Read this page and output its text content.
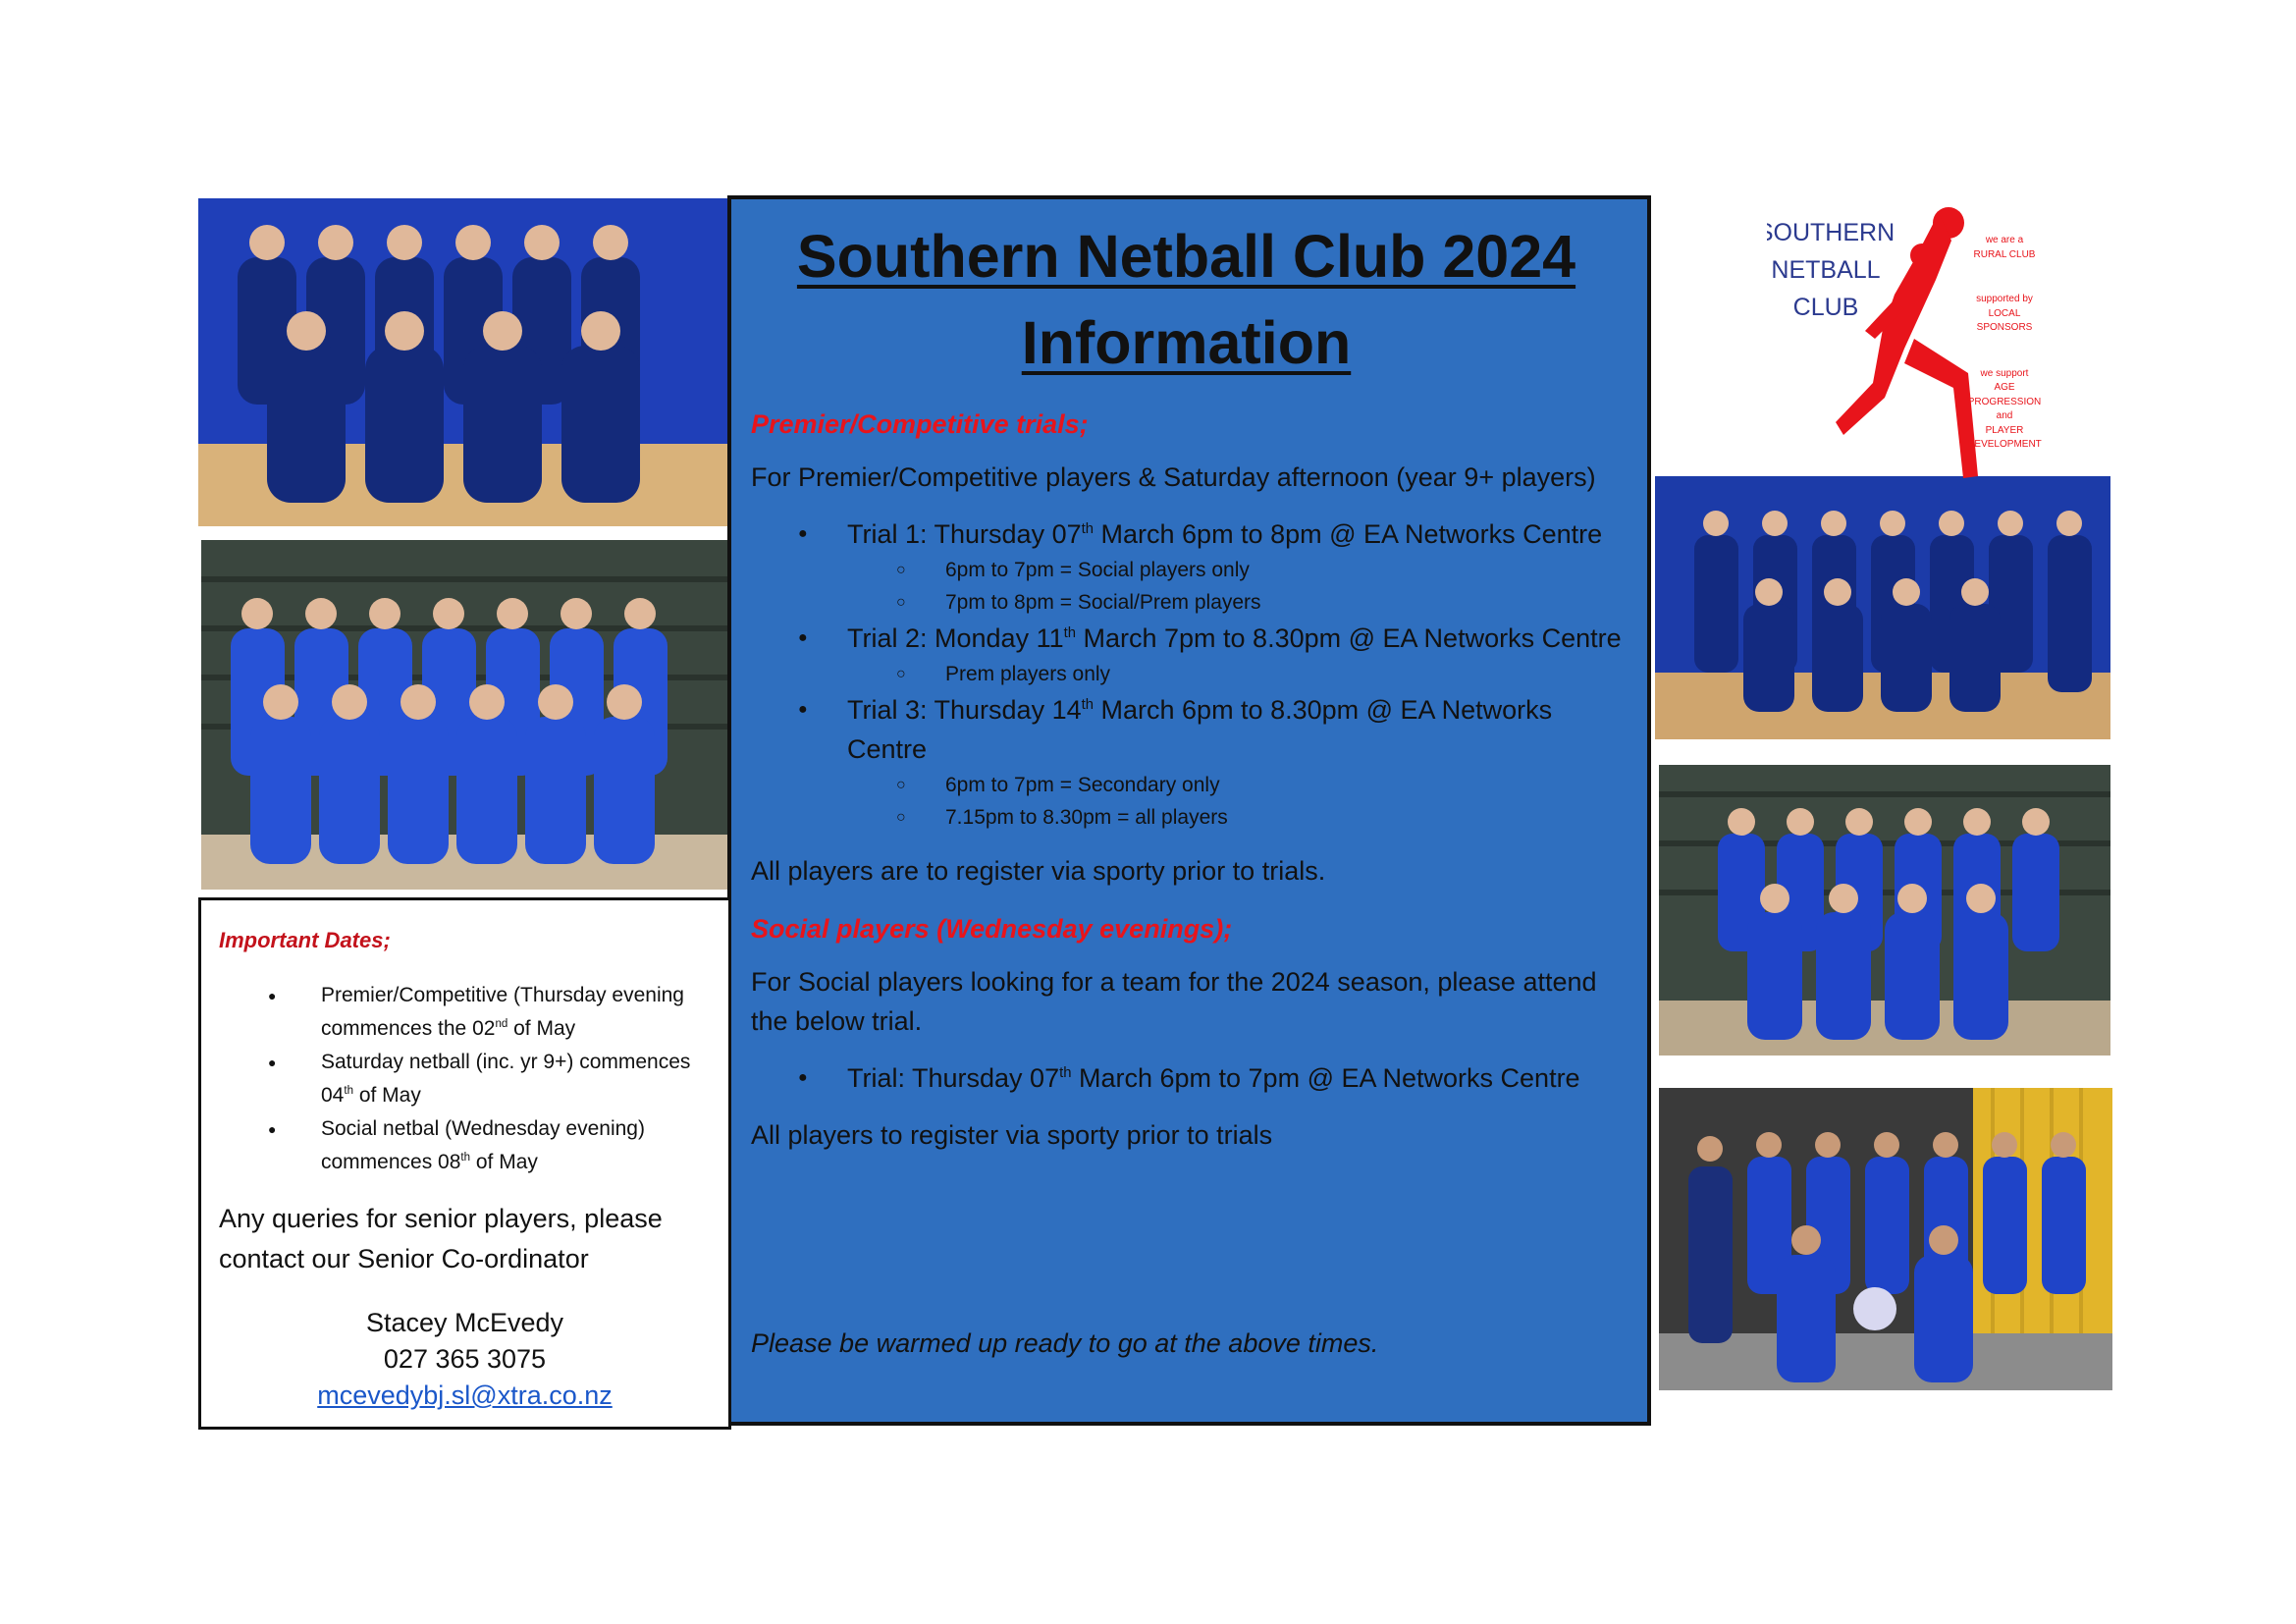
SOUTHERN
NETBALL
CLUB
we are a
RURAL CLUB
supported by
LOCAL
SPONSORS
we support
AGE
PROGRESSION
and
PLAYER
DEVELOPMENT
Southern Netball Club 2024
Information

Premier/Competitive trials;

For Premier/Competitive players & Saturday afternoon (year 9+ players)

● Trial 1: Thursday 07th March 6pm to 8pm @ EA Networks Centre
○ 6pm to 7pm = Social players only
○ 7pm to 8pm = Social/Prem players
● Trial 2: Monday 11th March 7pm to 8.30pm @ EA Networks Centre
○ Prem players only
● Trial 3: Thursday 14th March 6pm to 8.30pm @ EA Networks Centre
○ 6pm to 7pm = Secondary only
○ 7.15pm to 8.30pm = all players

All players are to register via sporty prior to trials.

Social players (Wednesday evenings);

For Social players looking for a team for the 2024 season, please attend the below trial.

● Trial: Thursday 07th March 6pm to 7pm @ EA Networks Centre

All players to register via sporty prior to trials

Please be warmed up ready to go at the above times.

Important Dates;

● Premier/Competitive (Thursday evening commences the 02nd of May
● Saturday netball (inc. yr 9+) commences 04th of May
● Social netbal (Wednesday evening) commences 08th of May

Any queries for senior players, please contact our Senior Co-ordinator

Stacey McEvedy
027 365 3075
mcevedybj.sl@xtra.co.nz
